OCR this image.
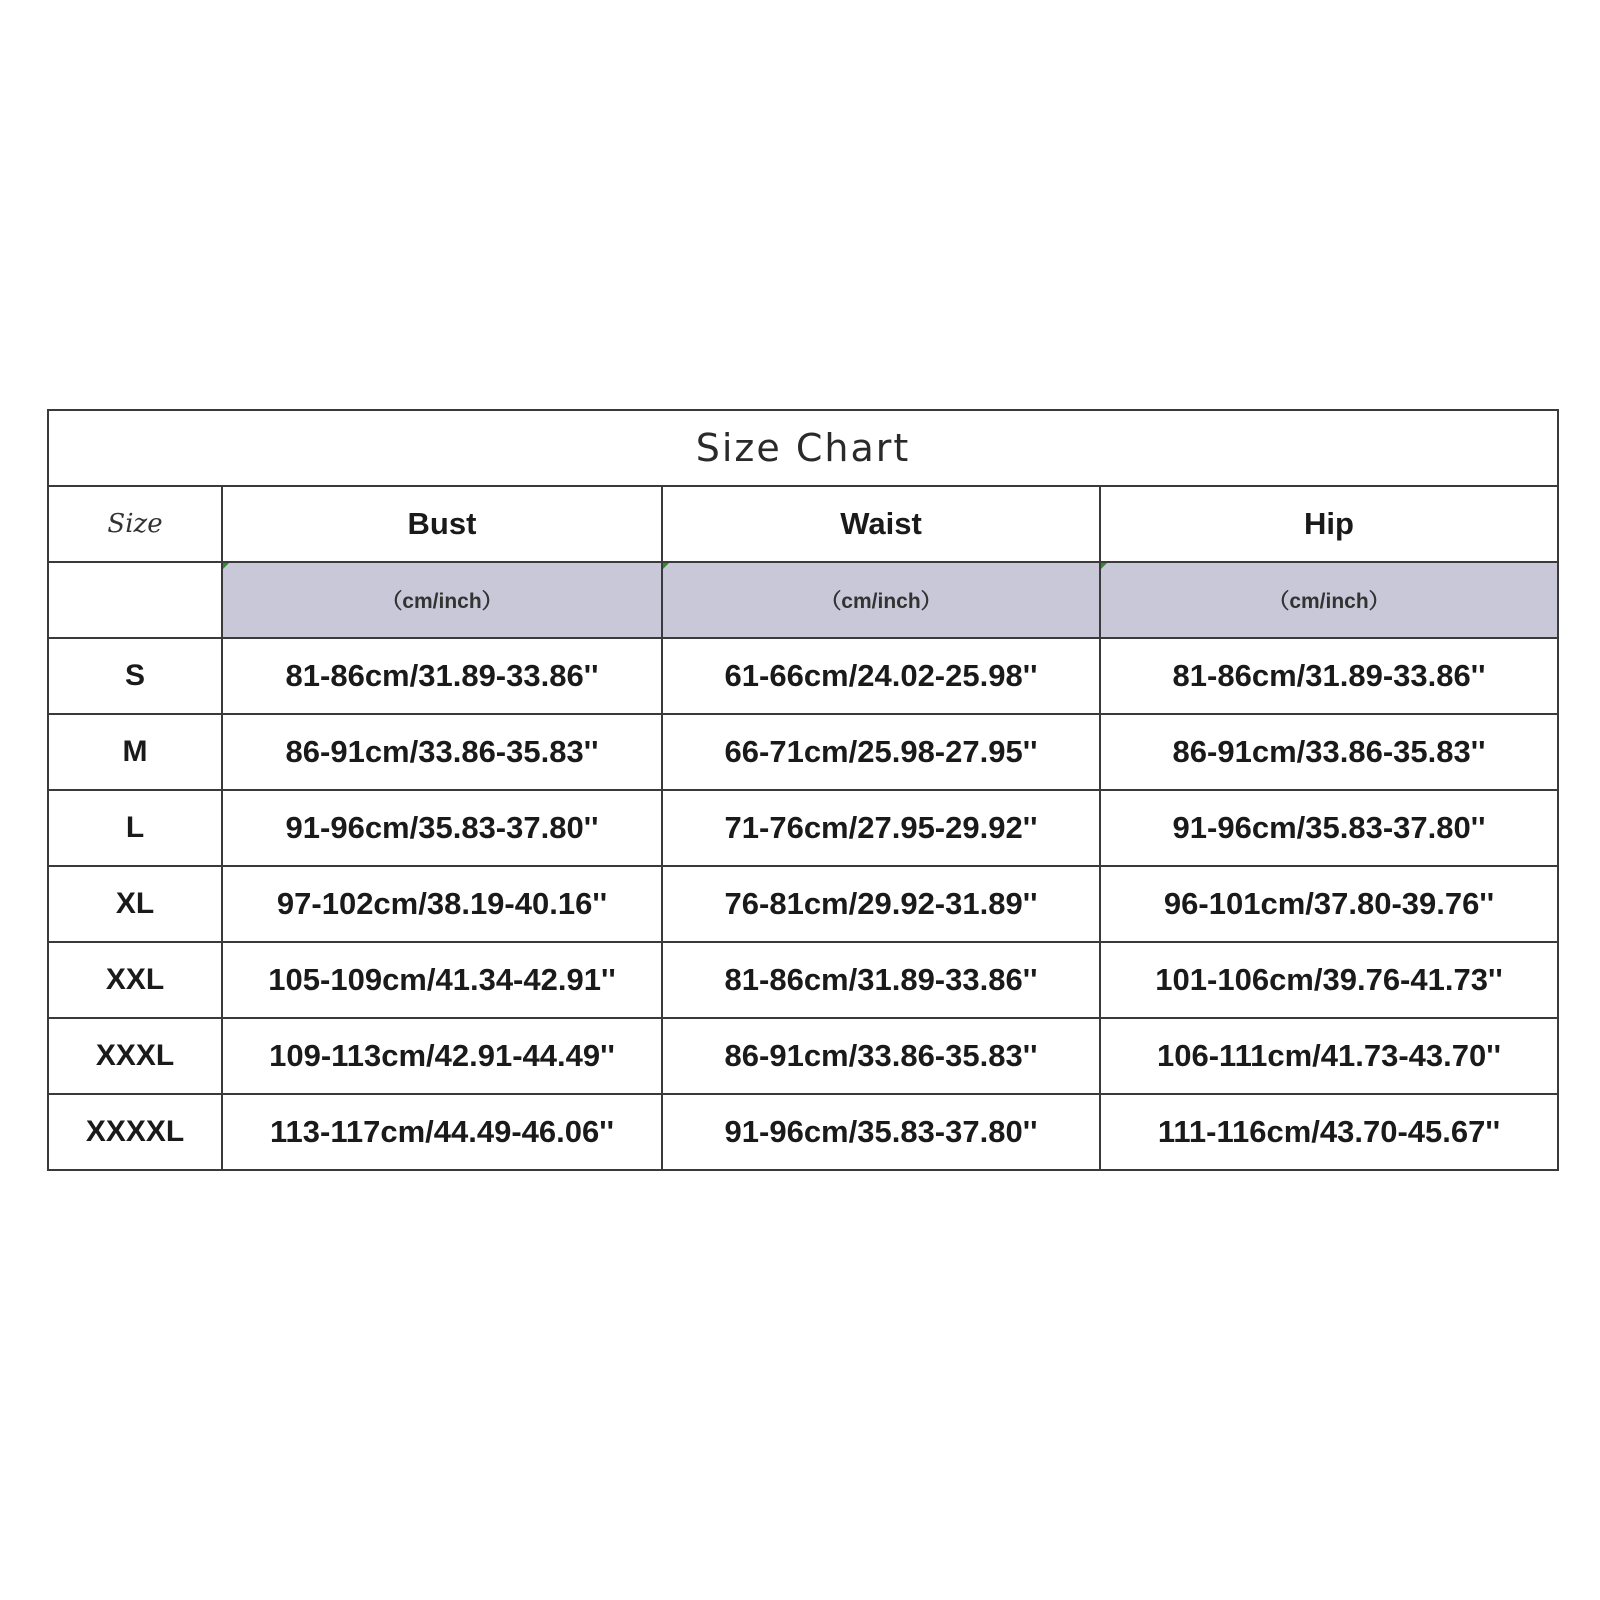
Size Chart			
Size	Bust	Waist	Hip
	（cm/inch）	（cm/inch）	（cm/inch）
S	81-86cm/31.89-33.86''	61-66cm/24.02-25.98''	81-86cm/31.89-33.86''
M	86-91cm/33.86-35.83''	66-71cm/25.98-27.95''	86-91cm/33.86-35.83''
L	91-96cm/35.83-37.80''	71-76cm/27.95-29.92''	91-96cm/35.83-37.80''
XL	97-102cm/38.19-40.16''	76-81cm/29.92-31.89''	96-101cm/37.80-39.76''
XXL	105-109cm/41.34-42.91''	81-86cm/31.89-33.86''	101-106cm/39.76-41.73''
XXXL	109-113cm/42.91-44.49''	86-91cm/33.86-35.83''	106-111cm/41.73-43.70''
XXXXL	113-117cm/44.49-46.06''	91-96cm/35.83-37.80''	111-116cm/43.70-45.67''
